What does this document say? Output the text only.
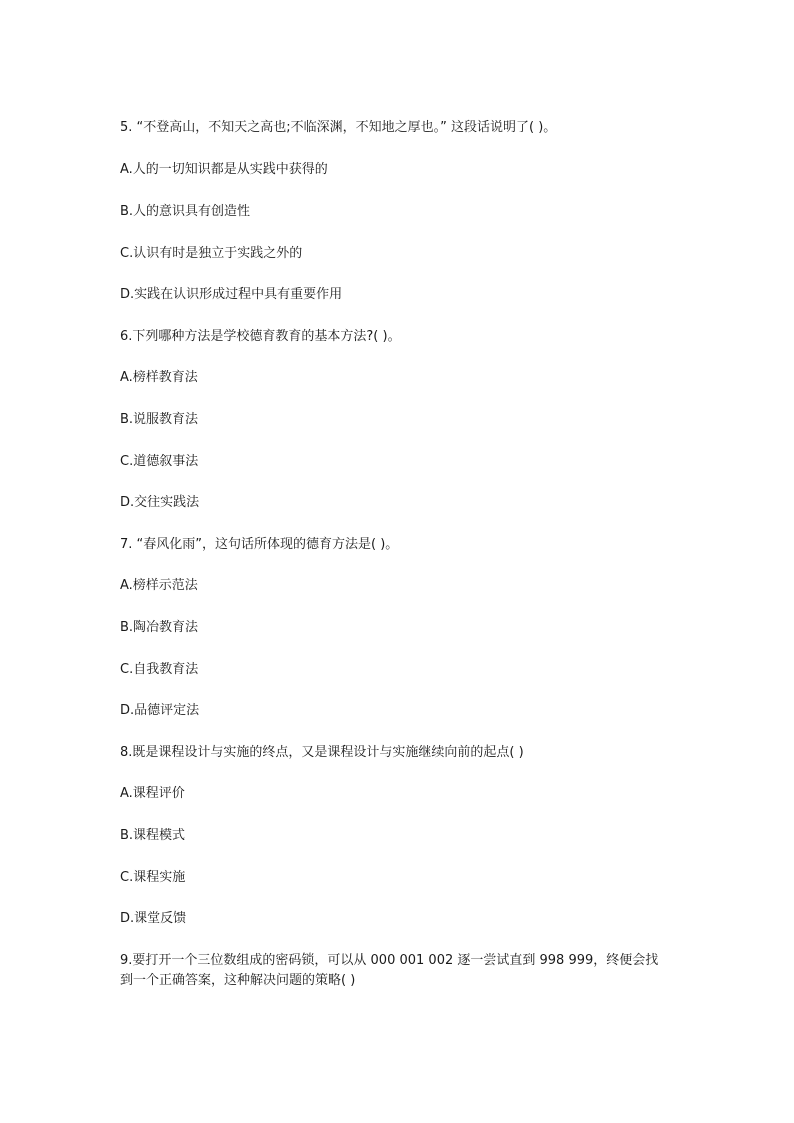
5. “不登高山，不知天之高也;不临深渊，不知地之厚也。” 这段话说明了( )。
A.人的一切知识都是从实践中获得的
B.人的意识具有创造性
C.认识有时是独立于实践之外的
D.实践在认识形成过程中具有重要作用
6.下列哪种方法是学校德育教育的基本方法?( )。
A.榜样教育法
B.说服教育法
C.道德叙事法
D.交往实践法
7. “春风化雨”，这句话所体现的德育方法是( )。
A.榜样示范法
B.陶冶教育法
C.自我教育法
D.品德评定法
8.既是课程设计与实施的终点，又是课程设计与实施继续向前的起点( )
A.课程评价
B.课程模式
C.课程实施
D.课堂反馈
9.要打开一个三位数组成的密码锁，可以从 000 001 002 逐一尝试直到 998 999，终便会找到一个正确答案，这种解决问题的策略( )
